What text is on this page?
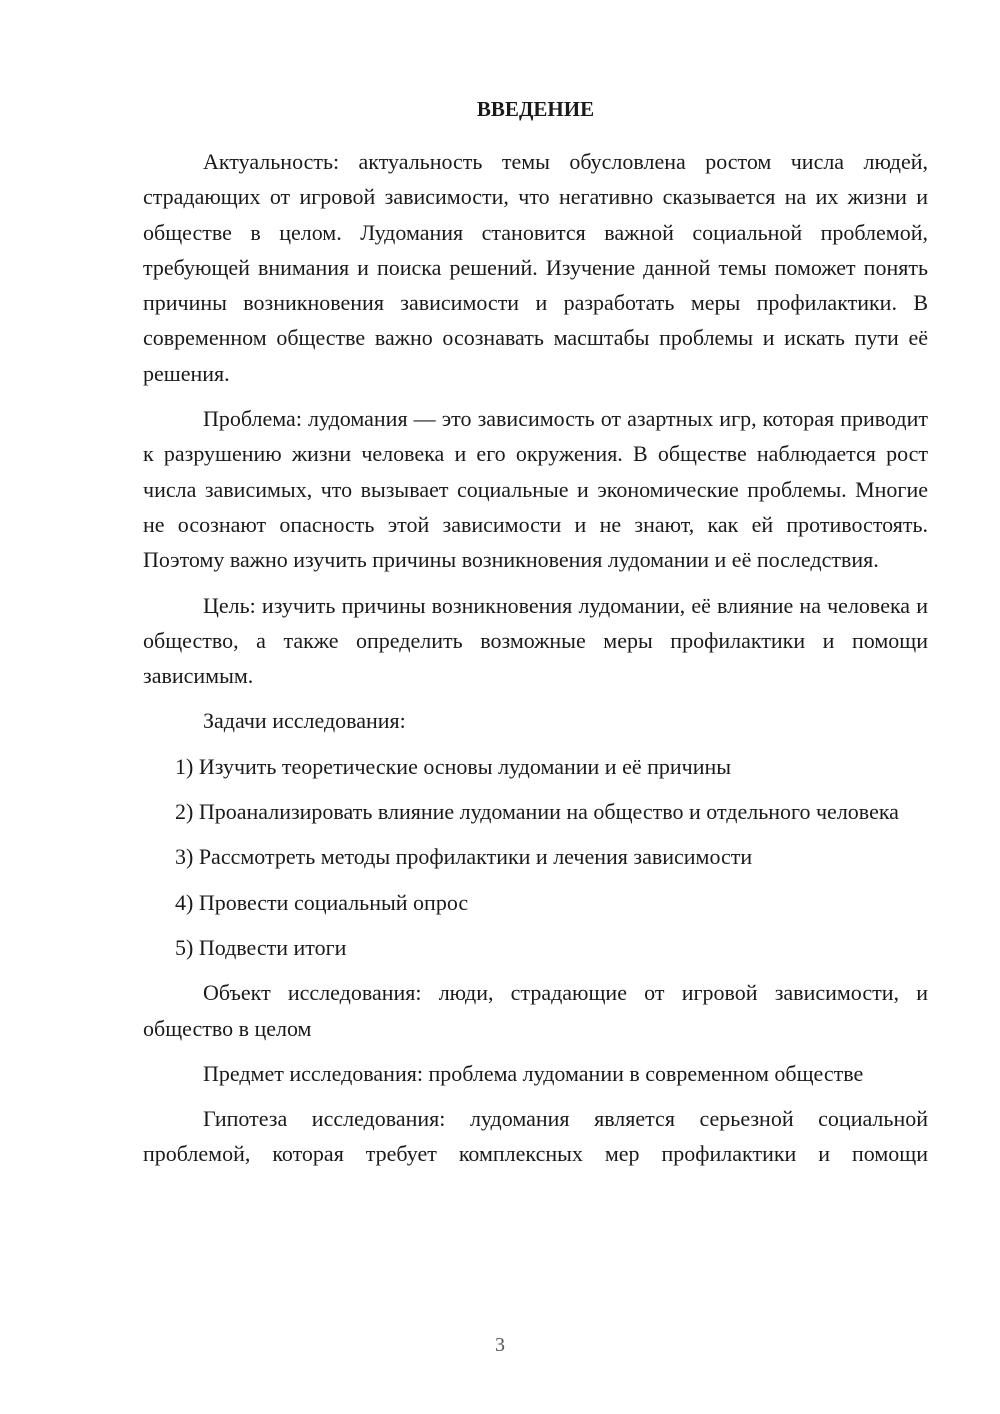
ВВЕДЕНИЕ

Актуальность: актуальность темы обусловлена ростом числа людей, страдающих от игровой зависимости, что негативно сказывается на их жизни и обществе в целом. Лудомания становится важной социальной проблемой, требующей внимания и поиска решений. Изучение данной темы поможет понять причины возникновения зависимости и разработать меры профилактики. В современном обществе важно осознавать масштабы проблемы и искать пути её решения.

Проблема: лудомания — это зависимость от азартных игр, которая приводит к разрушению жизни человека и его окружения. В обществе наблюдается рост числа зависимых, что вызывает социальные и экономические проблемы. Многие не осознают опасность этой зависимости и не знают, как ей противостоять. Поэтому важно изучить причины возникновения лудомании и её последствия.

Цель: изучить причины возникновения лудомании, её влияние на человека и общество, а также определить возможные меры профилактики и помощи зависимым.

Задачи исследования:

1) Изучить теоретические основы лудомании и её причины

2) Проанализировать влияние лудомании на общество и отдельного человека

3) Рассмотреть методы профилактики и лечения зависимости

4) Провести социальный опрос

5) Подвести итоги

Объект исследования: люди, страдающие от игровой зависимости, и общество в целом

Предмет исследования: проблема лудомании в современном обществе

Гипотеза исследования: лудомания является серьезной социальной проблемой, которая требует комплексных мер профилактики и помощи

3
